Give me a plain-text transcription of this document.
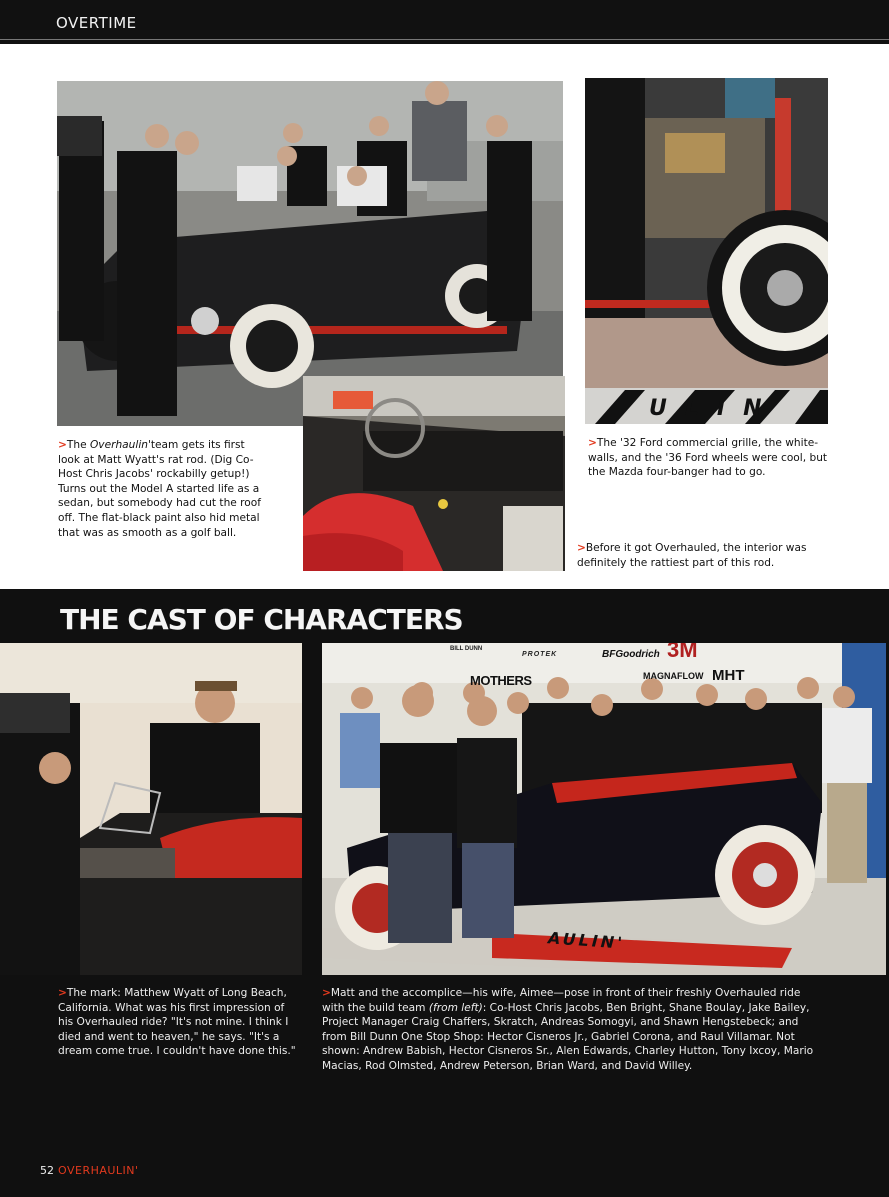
OVERTIME
ULIN
>The Overhaulin'team gets its first look at Matt Wyatt's rat rod. (Dig Co-Host Chris Jacobs' rockabilly getup!) Turns out the Model A started life as a sedan, but somebody had cut the roof off. The flat-black paint also hid metal that was as smooth as a golf ball.
>The '32 Ford commercial grille, the white-walls, and the '36 Ford wheels were cool, but the Mazda four-banger had to go.
>Before it got Overhauled, the interior was definitely the rattiest part of this rod.
THE CAST OF CHARACTERS
BILL DUNN
PROTEK	BFGoodrich 3M
MOTHERS	MAGNAFLOW MHT
AULIN'
>The mark: Matthew Wyatt of Long Beach, California. What was his first impression of his Overhauled ride? "It's not mine. I think I died and went to heaven," he says. "It's a dream come true. I couldn't have done this."
>Matt and the accomplice—his wife, Aimee—pose in front of their freshly Overhauled ride with the build team (from left): Co-Host Chris Jacobs, Ben Bright, Shane Boulay, Jake Bailey, Project Manager Craig Chaffers, Skratch, Andreas Somogyi, and Shawn Hengstebeck; and from Bill Dunn One Stop Shop: Hector Cisneros Jr., Gabriel Corona, and Raul Villamar. Not shown: Andrew Babish, Hector Cisneros Sr., Alen Edwards, Charley Hutton, Tony Ixcoy, Mario Macias, Rod Olmsted, Andrew Peterson, Brian Ward, and David Willey.
52 OVERHAULIN'
